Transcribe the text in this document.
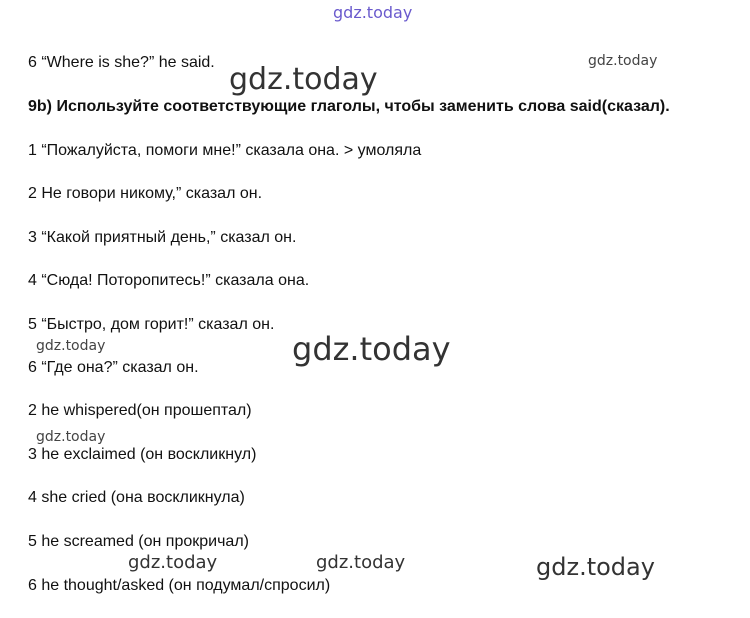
gdz.today
gdz.today
gdz.today
gdz.today	gdz.today
gdz.today
gdz.today	gdz.today	gdz.today
6 “Where is she?” he said.
9b) Используйте соответствующие глаголы, чтобы заменить слова said(сказал).
1 “Пожалуйста, помоги мне!” сказала она. > умоляла
2 Не говори никому,” сказал он.
3 “Какой приятный день,” сказал он.
4 “Сюда! Поторопитесь!” сказала она.
5 “Быстро, дом горит!” сказал он.
6 “Где она?” сказал он.
2 he whispered(он прошептал)
3 he exclaimed (он воскликнул)
4 she cried (она воскликнула)
5 he screamed (он прокричал)
6 he thought/asked (он подумал/спросил)
